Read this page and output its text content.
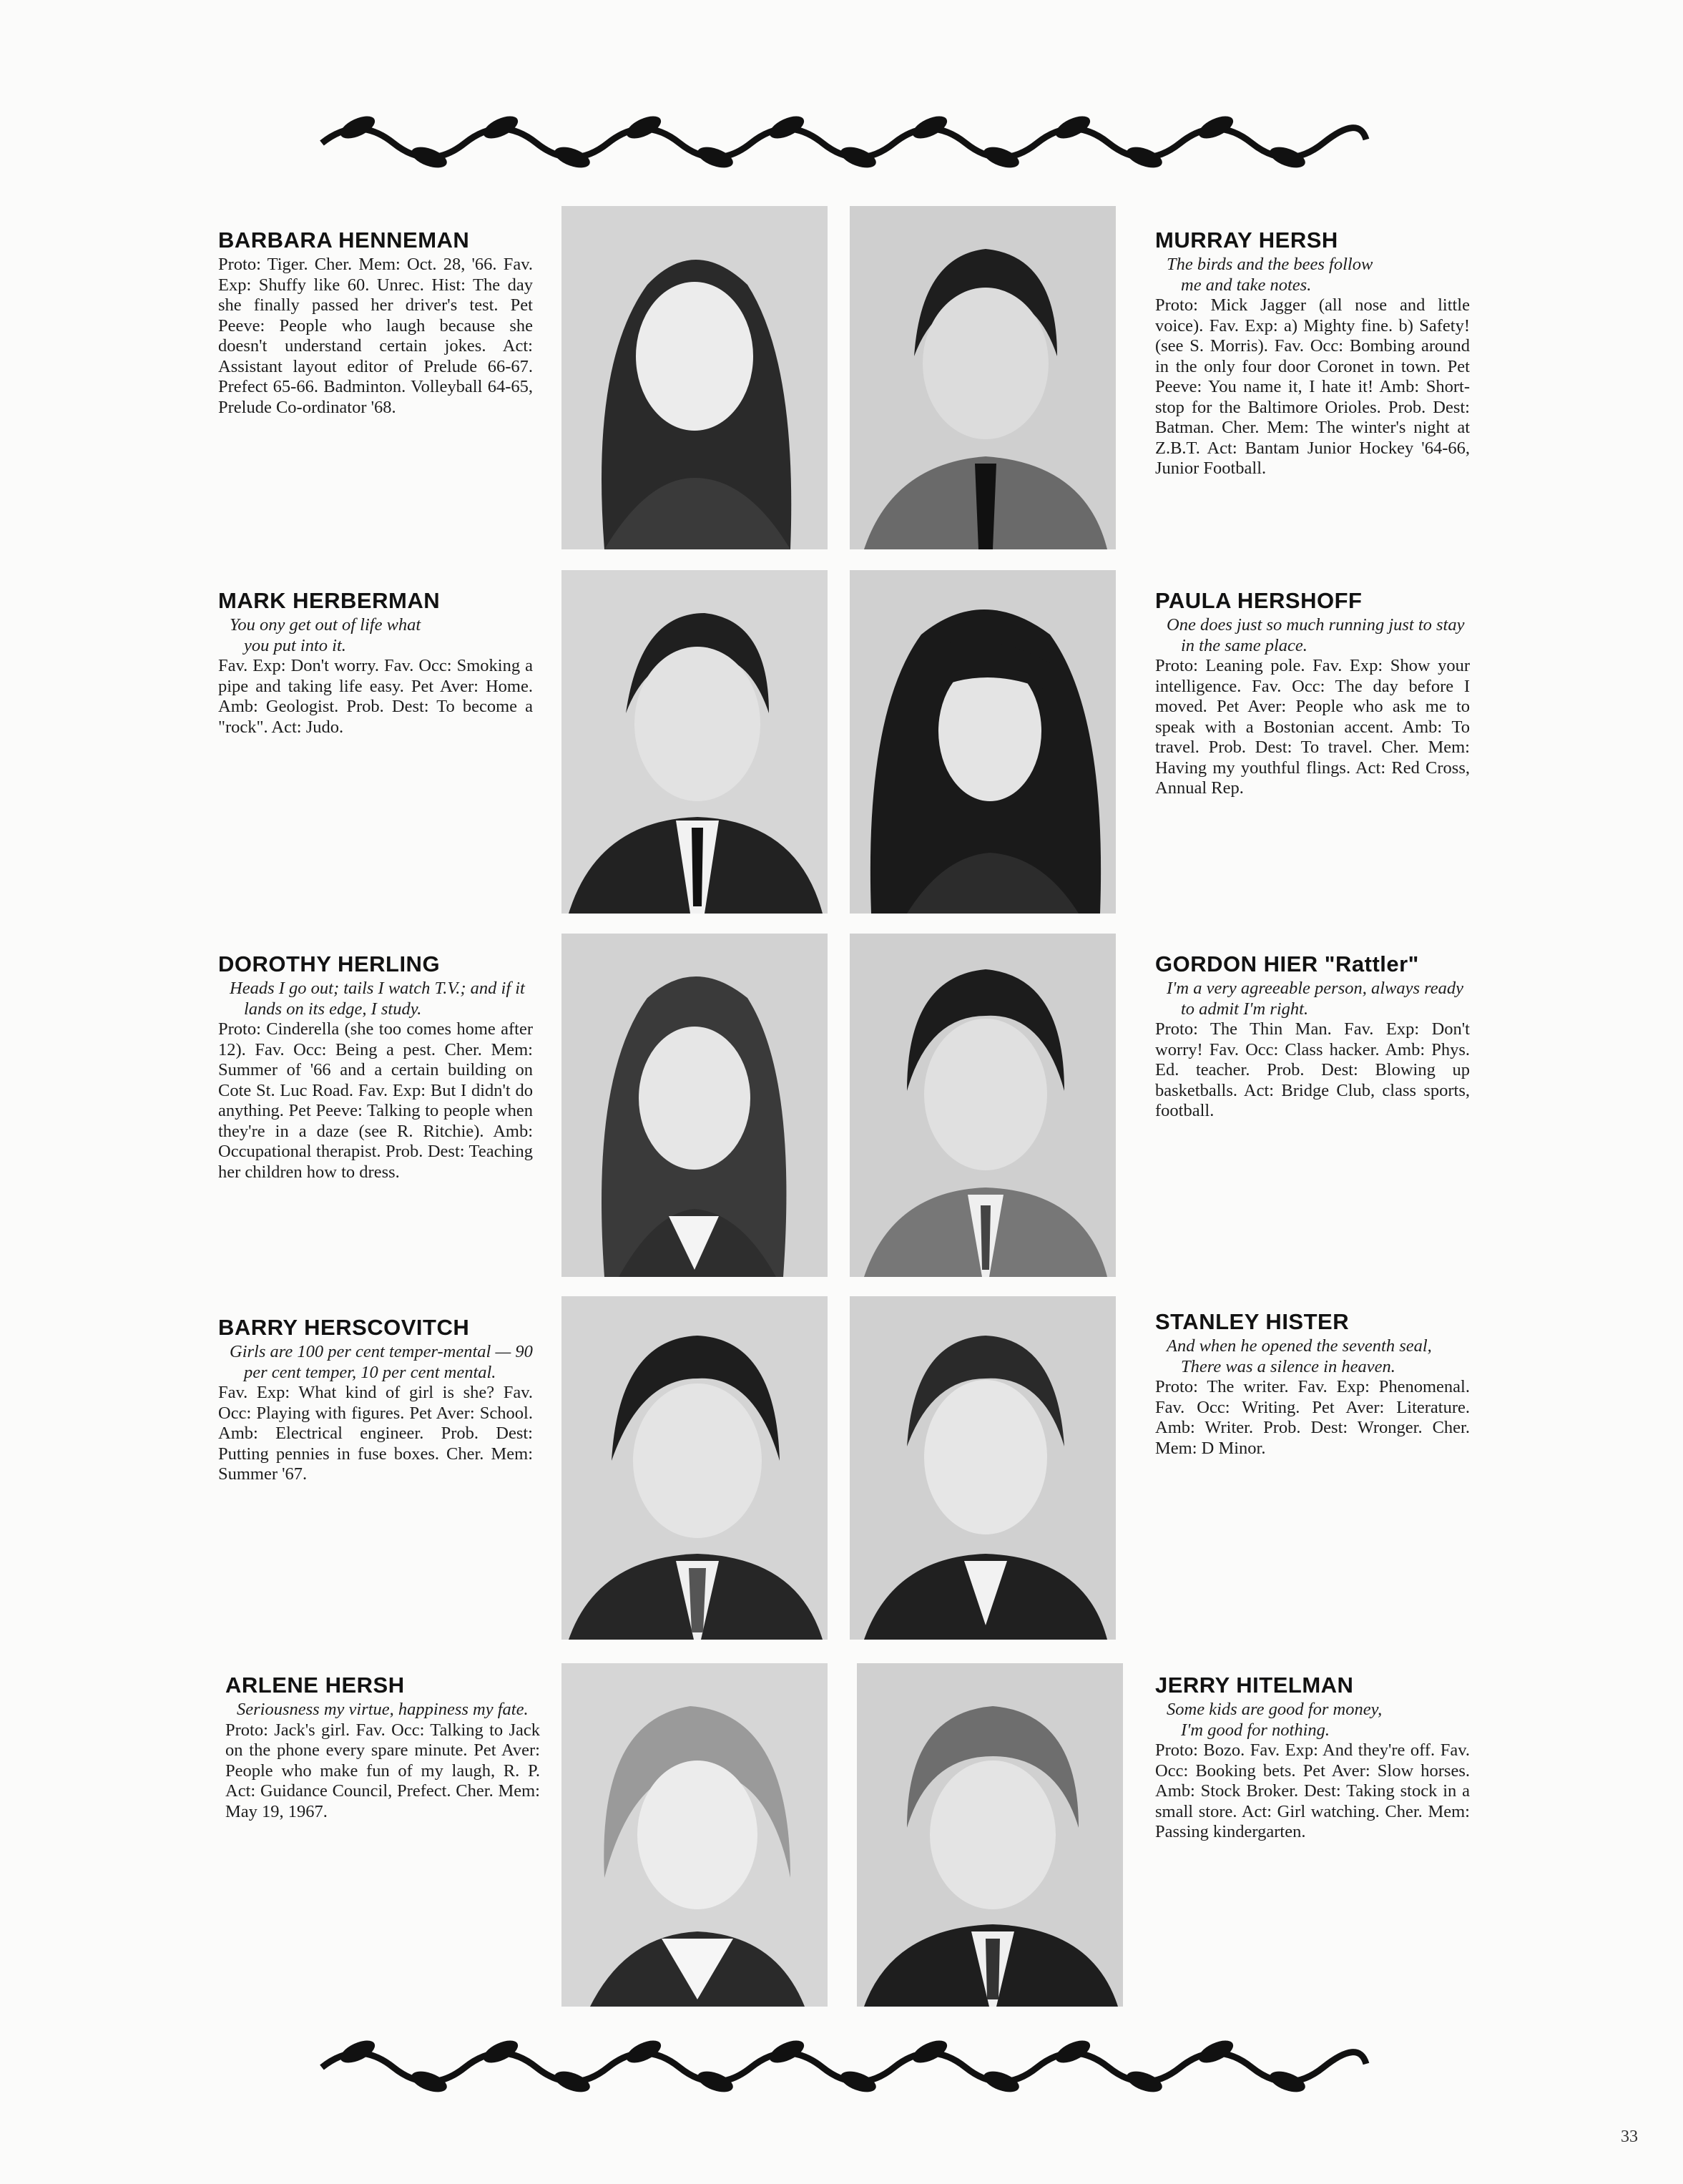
BARBARA HENNEMAN
Proto: Tiger. Cher. Mem: Oct. 28, '66. Fav. Exp: Shuffy like 60. Unrec. Hist: The day she finally passed her driver's test. Pet Peeve: People who laugh because she doesn't understand certain jokes. Act: Assistant layout editor of Prelude 66-67. Prefect 65-66. Badminton. Volleyball 64-65, Prelude Co-ordinator '68.
MURRAY HERSH
The birds and the bees follow
me and take notes.
Proto: Mick Jagger (all nose and little voice). Fav. Exp: a) Mighty fine. b) Safety! (see S. Morris). Fav. Occ: Bombing around in the only four door Coronet in town. Pet Peeve: You name it, I hate it! Amb: Short-stop for the Baltimore Orioles. Prob. Dest: Batman. Cher. Mem: The winter's night at Z.B.T. Act: Bantam Junior Hockey '64-66, Junior Football.
MARK HERBERMAN
You ony get out of life what
you put into it.
Fav. Exp: Don't worry. Fav. Occ: Smoking a pipe and taking life easy. Pet Aver: Home. Amb: Geologist. Prob. Dest: To become a "rock". Act: Judo.
PAULA HERSHOFF
One does just so much running just to stay in the same place.
Proto: Leaning pole. Fav. Exp: Show your intelligence. Fav. Occ: The day before I moved. Pet Aver: People who ask me to speak with a Bostonian accent. Amb: To travel. Prob. Dest: To travel. Cher. Mem: Having my youthful flings. Act: Red Cross, Annual Rep.
DOROTHY HERLING
Heads I go out; tails I watch T.V.; and if it lands on its edge, I study.
Proto: Cinderella (she too comes home after 12). Fav. Occ: Being a pest. Cher. Mem: Summer of '66 and a certain building on Cote St. Luc Road. Fav. Exp: But I didn't do anything. Pet Peeve: Talking to people when they're in a daze (see R. Ritchie). Amb: Occupational therapist. Prob. Dest: Teaching her children how to dress.
GORDON HIER "Rattler"
I'm a very agreeable person, always ready to admit I'm right.
Proto: The Thin Man. Fav. Exp: Don't worry! Fav. Occ: Class hacker. Amb: Phys. Ed. teacher. Prob. Dest: Blowing up basketballs. Act: Bridge Club, class sports, football.
BARRY HERSCOVITCH
Girls are 100 per cent temper-mental — 90 per cent temper, 10 per cent mental.
Fav. Exp: What kind of girl is she? Fav. Occ: Playing with figures. Pet Aver: School. Amb: Electrical engineer. Prob. Dest: Putting pennies in fuse boxes. Cher. Mem: Summer '67.
STANLEY HISTER
And when he opened the seventh seal,
There was a silence in heaven.
Proto: The writer. Fav. Exp: Phenomenal. Fav. Occ: Writing. Pet Aver: Literature. Amb: Writer. Prob. Dest: Wronger. Cher. Mem: D Minor.
ARLENE HERSH
Seriousness my virtue, happiness my fate.
Proto: Jack's girl. Fav. Occ: Talking to Jack on the phone every spare minute. Pet Aver: People who make fun of my laugh, R. P. Act: Guidance Council, Prefect. Cher. Mem: May 19, 1967.
JERRY HITELMAN
Some kids are good for money,
I'm good for nothing.
Proto: Bozo. Fav. Exp: And they're off. Fav. Occ: Booking bets. Pet Aver: Slow horses. Amb: Stock Broker. Dest: Taking stock in a small store. Act: Girl watching. Cher. Mem: Passing kindergarten.
33
